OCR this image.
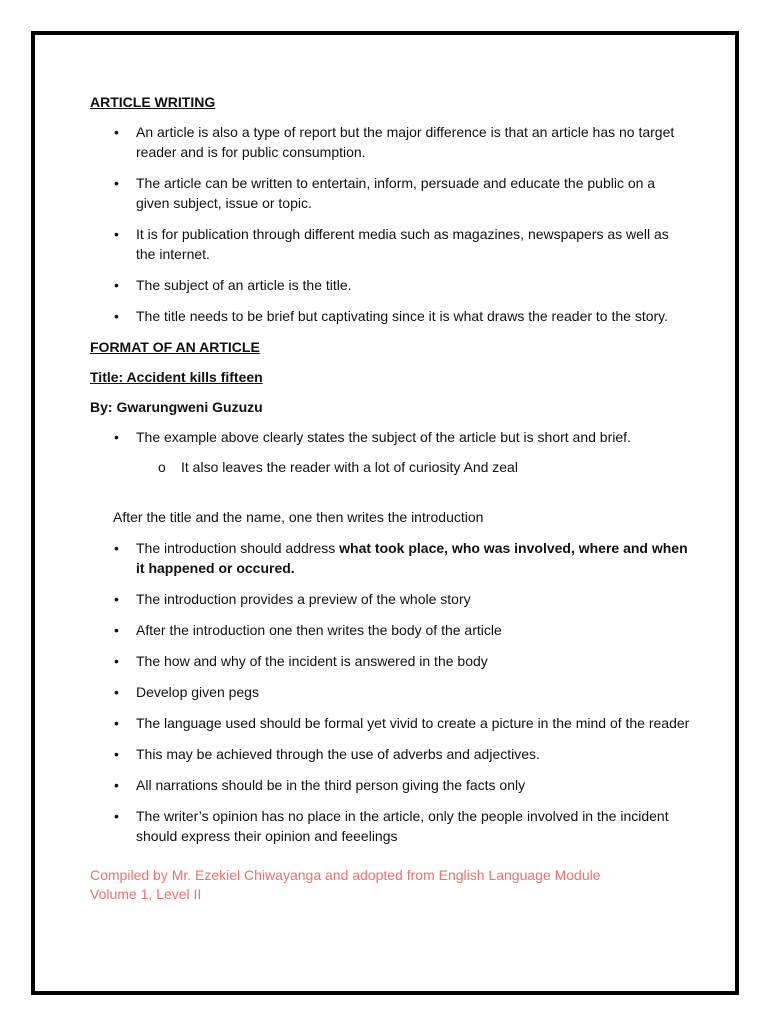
ARTICLE WRITING
• An article is also a type of report but the major difference is that an article has no target reader and is for public consumption.
• The article can be written to entertain, inform, persuade and educate the public on a given subject, issue or topic.
• It is for publication through different media such as magazines, newspapers as well as the internet.
• The subject of an article is the title.
• The title needs to be brief but captivating since it is what draws the reader to the story.
FORMAT OF AN ARTICLE
Title: Accident kills fifteen
By: Gwarungweni Guzuzu
• The example above clearly states the subject of the article but is short and brief.
o It also leaves the reader with a lot of curiosity And zeal
After the title and the name, one then writes the introduction
• The introduction should address what took place, who was involved, where and when it happened or occured.
• The introduction provides a preview of the whole story
• After the introduction one then writes the body of the article
• The how and why of the incident is answered in the body
• Develop given pegs
• The language used should be formal yet vivid to create a picture in the mind of the reader
• This may be achieved through the use of adverbs and adjectives.
• All narrations should be in the third person giving the facts only
• The writer’s opinion has no place in the article, only the people involved in the incident should express their opinion and feeelings
Compiled by Mr. Ezekiel Chiwayanga and adopted from English Language Module Volume 1, Level II
